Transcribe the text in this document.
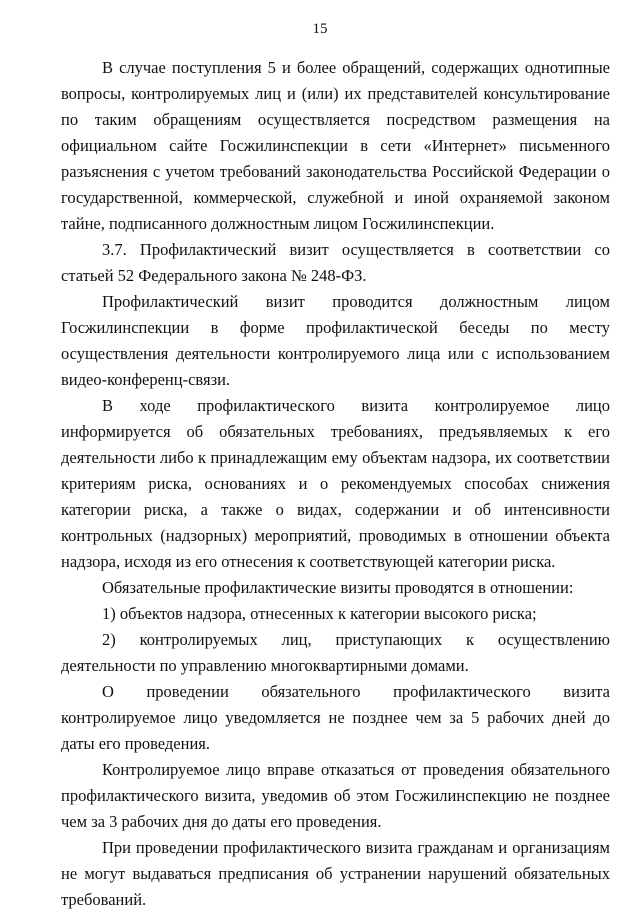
15

В случае поступления 5 и более обращений, содержащих однотипные вопросы, контролируемых лиц и (или) их представителей консультирование по таким обращениям осуществляется посредством размещения на официальном сайте Госжилинспекции в сети «Интернет» письменного разъяснения с учетом требований законодательства Российской Федерации о государственной, коммерческой, служебной и иной охраняемой законом тайне, подписанного должностным лицом Госжилинспекции.

3.7. Профилактический визит осуществляется в соответствии со статьей 52 Федерального закона № 248-ФЗ.

Профилактический визит проводится должностным лицом Госжилинспекции в форме профилактической беседы по месту осуществления деятельности контролируемого лица или с использованием видео-конференц-связи.

В ходе профилактического визита контролируемое лицо информируется об обязательных требованиях, предъявляемых к его деятельности либо к принадлежащим ему объектам надзора, их соответствии критериям риска, основаниях и о рекомендуемых способах снижения категории риска, а также о видах, содержании и об интенсивности контрольных (надзорных) мероприятий, проводимых в отношении объекта надзора, исходя из его отнесения к соответствующей категории риска.

Обязательные профилактические визиты проводятся в отношении:

1) объектов надзора, отнесенных к категории высокого риска;

2) контролируемых лиц, приступающих к осуществлению деятельности по управлению многоквартирными домами.

О проведении обязательного профилактического визита контролируемое лицо уведомляется не позднее чем за 5 рабочих дней до даты его проведения.

Контролируемое лицо вправе отказаться от проведения обязательного профилактического визита, уведомив об этом Госжилинспекцию не позднее чем за 3 рабочих дня до даты его проведения.

При проведении профилактического визита гражданам и организациям не могут выдаваться предписания об устранении нарушений обязательных требований.
